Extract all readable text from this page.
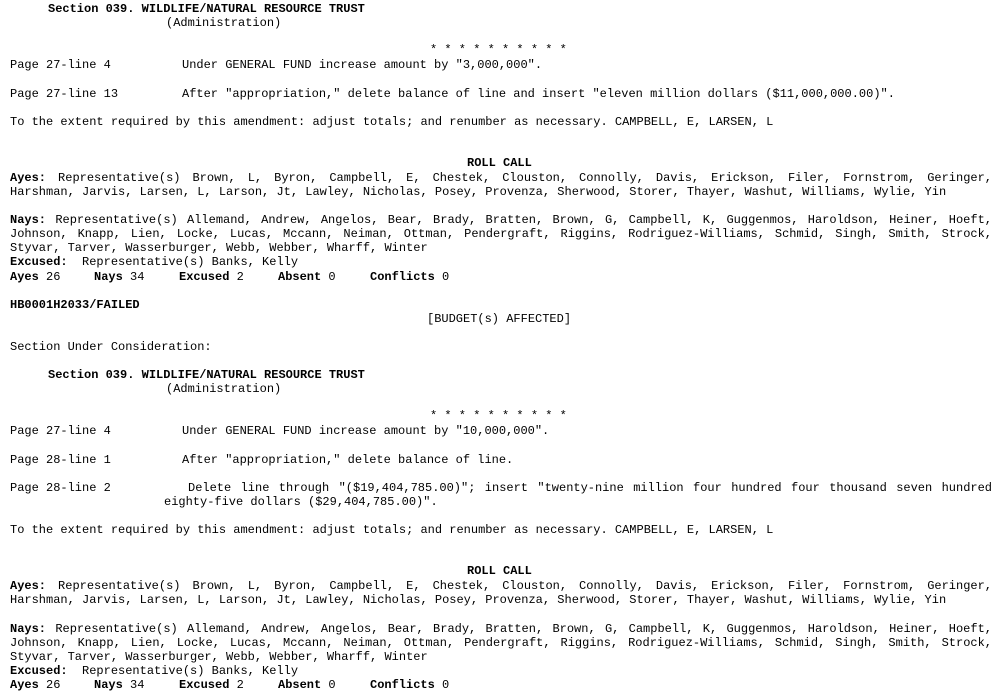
Section 039. WILDLIFE/NATURAL RESOURCE TRUST
(Administration)
* * * * * * * * * *
Page 27-line 4	Under GENERAL FUND increase amount by "3,000,000".
Page 27-line 13	After "appropriation," delete balance of line and insert "eleven million dollars ($11,000,000.00)".
To the extent required by this amendment: adjust totals; and renumber as necessary. CAMPBELL, E, LARSEN, L
ROLL CALL
Ayes: Representative(s) Brown, L, Byron, Campbell, E, Chestek, Clouston, Connolly, Davis, Erickson, Filer, Fornstrom, Geringer, Harshman, Jarvis, Larsen, L, Larson, Jt, Lawley, Nicholas, Posey, Provenza, Sherwood, Storer, Thayer, Washut, Williams, Wylie, Yin
Nays: Representative(s) Allemand, Andrew, Angelos, Bear, Brady, Bratten, Brown, G, Campbell, K, Guggenmos, Haroldson, Heiner, Hoeft, Johnson, Knapp, Lien, Locke, Lucas, Mccann, Neiman, Ottman, Pendergraft, Riggins, Rodriguez-Williams, Schmid, Singh, Smith, Strock, Styvar, Tarver, Wasserburger, Webb, Webber, Wharff, Winter
Excused: Representative(s) Banks, Kelly
Ayes 26	Nays 34	Excused 2	Absent 0	Conflicts 0
HB0001H2033/FAILED
[BUDGET(s) AFFECTED]
Section Under Consideration:
Section 039. WILDLIFE/NATURAL RESOURCE TRUST
(Administration)
* * * * * * * * * *
Page 27-line 4	Under GENERAL FUND increase amount by "10,000,000".
Page 28-line 1	After "appropriation," delete balance of line.
Page 28-line 2	Delete line through "($19,404,785.00)"; insert "twenty-nine million four hundred four thousand seven hundred eighty-five dollars ($29,404,785.00)".
To the extent required by this amendment: adjust totals; and renumber as necessary. CAMPBELL, E, LARSEN, L
ROLL CALL
Ayes: Representative(s) Brown, L, Byron, Campbell, E, Chestek, Clouston, Connolly, Davis, Erickson, Filer, Fornstrom, Geringer, Harshman, Jarvis, Larsen, L, Larson, Jt, Lawley, Nicholas, Posey, Provenza, Sherwood, Storer, Thayer, Washut, Williams, Wylie, Yin
Nays: Representative(s) Allemand, Andrew, Angelos, Bear, Brady, Bratten, Brown, G, Campbell, K, Guggenmos, Haroldson, Heiner, Hoeft, Johnson, Knapp, Lien, Locke, Lucas, Mccann, Neiman, Ottman, Pendergraft, Riggins, Rodriguez-Williams, Schmid, Singh, Smith, Strock, Styvar, Tarver, Wasserburger, Webb, Webber, Wharff, Winter
Excused: Representative(s) Banks, Kelly
Ayes 26	Nays 34	Excused 2	Absent 0	Conflicts 0
